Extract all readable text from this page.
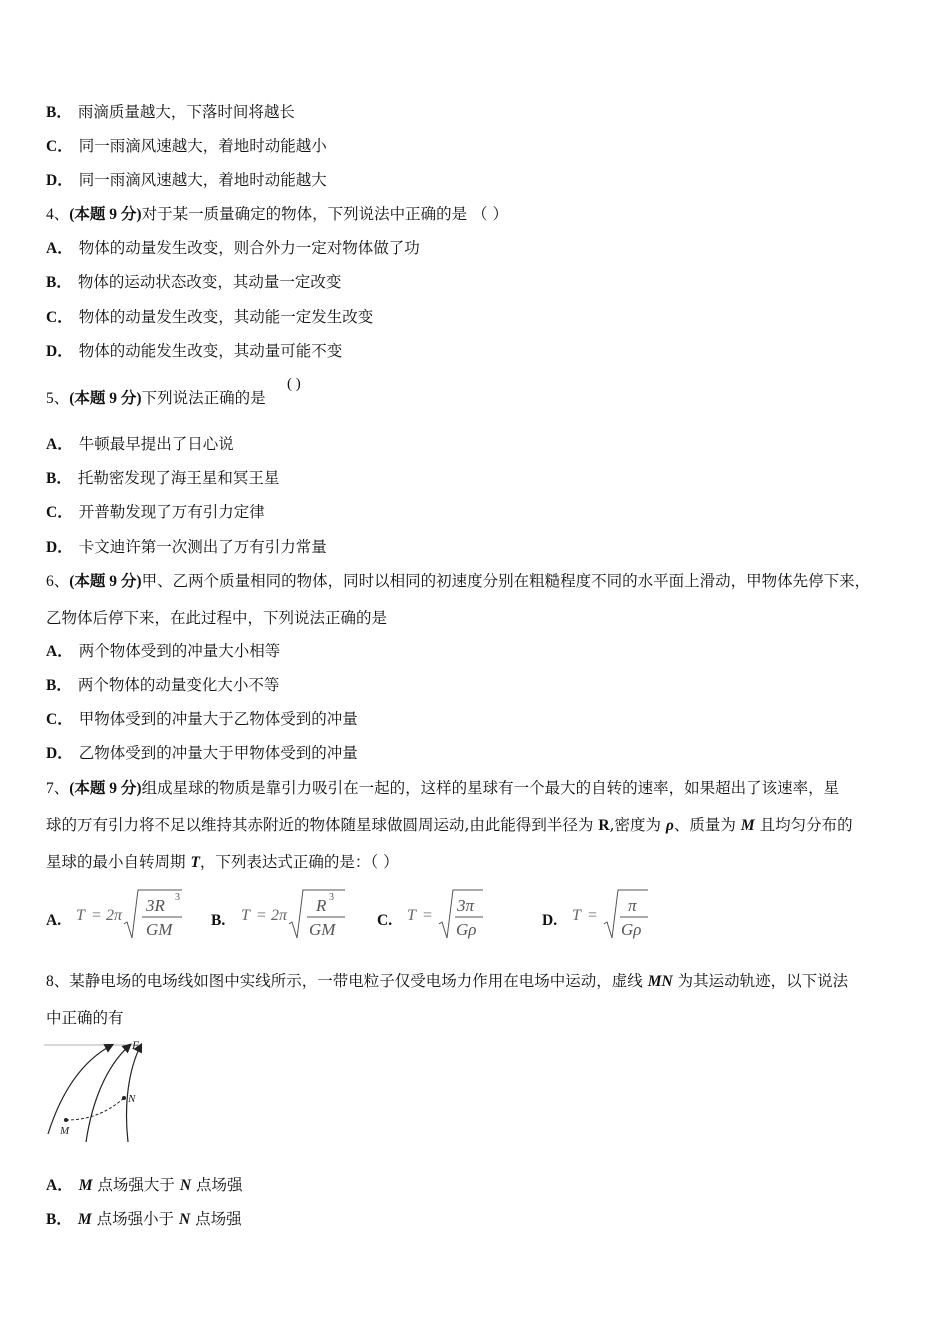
B． 雨滴质量越大，下落时间将越长
C． 同一雨滴风速越大，着地时动能越小
D． 同一雨滴风速越大，着地时动能越大
4、(本题 9 分)对于某一质量确定的物体，下列说法中正确的是 （ ）
A． 物体的动量发生改变，则合外力一定对物体做了功
B． 物体的运动状态改变，其动量一定改变
C． 物体的动量发生改变，其动能一定发生改变
D． 物体的动能发生改变，其动量可能不变
( )
5、(本题 9 分)下列说法正确的是
A． 牛顿最早提出了日心说
B． 托勒密发现了海王星和冥王星
C． 开普勒发现了万有引力定律
D． 卡文迪许第一次测出了万有引力常量
6、(本题 9 分)甲、乙两个质量相同的物体，同时以相同的初速度分别在粗糙程度不同的水平面上滑动，甲物体先停下来，
乙物体后停下来，在此过程中，下列说法正确的是
A． 两个物体受到的冲量大小相等
B． 两个物体的动量变化大小不等
C． 甲物体受到的冲量大于乙物体受到的冲量
D． 乙物体受到的冲量大于甲物体受到的冲量
7、(本题 9 分)组成星球的物质是靠引力吸引在一起的，这样的星球有一个最大的自转的速率，如果超出了该速率，星
球的万有引力将不足以维持其赤附近的物体随星球做圆周运动,由此能得到半径为 R,密度为 ρ、质量为 M 且均匀分布的
星球的最小自转周期 T，下列表达式正确的是：（ ）
A. T = 2π
3R 3
GM B. T = 2π
R 3
GM	C. T =
3π
Gρ	D. T =
π
Gρ
8、某静电场的电场线如图中实线所示，一带电粒子仅受电场力作用在电场中运动，虚线 MN 为其运动轨迹，以下说法
中正确的有
E
N
M
A． M 点场强大于 N 点场强
B． M 点场强小于 N 点场强
